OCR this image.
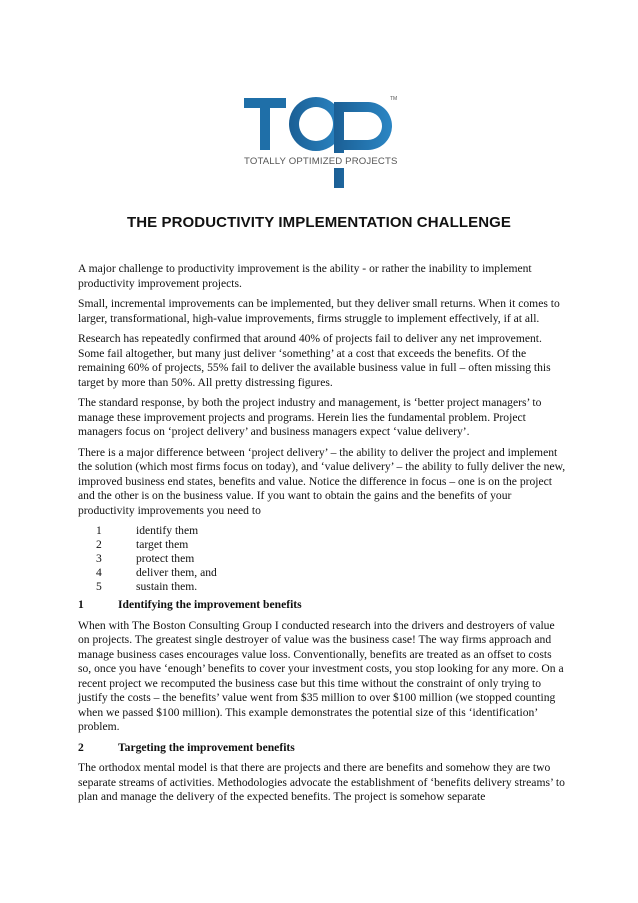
TOTALLY OPTIMIZED PROJECTS
TM
THE PRODUCTIVITY IMPLEMENTATION CHALLENGE

A major challenge to productivity improvement is the ability - or rather the inability to implement productivity improvement projects.

Small, incremental improvements can be implemented, but they deliver small returns. When it comes to larger, transformational, high-value improvements, firms struggle to implement effectively, if at all.

Research has repeatedly confirmed that around 40% of projects fail to deliver any net improvement. Some fail altogether, but many just deliver ‘something’ at a cost that exceeds the benefits. Of the remaining 60% of projects, 55% fail to deliver the available business value in full – often missing this target by more than 50%. All pretty distressing figures.

The standard response, by both the project industry and management, is ‘better project managers’ to manage these improvement projects and programs. Herein lies the fundamental problem. Project managers focus on ‘project delivery’ and business managers expect ‘value delivery’.

There is a major difference between ‘project delivery’ – the ability to deliver the project and implement the solution (which most firms focus on today), and ‘value delivery’ – the ability to fully deliver the new, improved business end states, benefits and value. Notice the difference in focus – one is on the project and the other is on the business value. If you want to obtain the gains and the benefits of your productivity improvements you need to

1	identify them
2	target them
3	protect them
4	deliver them, and
5	sustain them.
1	Identifying the improvement benefits

When with The Boston Consulting Group I conducted research into the drivers and destroyers of value on projects. The greatest single destroyer of value was the business case! The way firms approach and manage business cases encourages value loss. Conventionally, benefits are treated as an offset to costs so, once you have ‘enough’ benefits to cover your investment costs, you stop looking for any more. On a recent project we recomputed the business case but this time without the constraint of only trying to justify the costs – the benefits’ value went from $35 million to over $100 million (we stopped counting when we passed $100 million). This example demonstrates the potential size of this ‘identification’ problem.

2	Targeting the improvement benefits

The orthodox mental model is that there are projects and there are benefits and somehow they are two separate streams of activities. Methodologies advocate the establishment of ‘benefits delivery streams’ to plan and manage the delivery of the expected benefits. The project is somehow separate
